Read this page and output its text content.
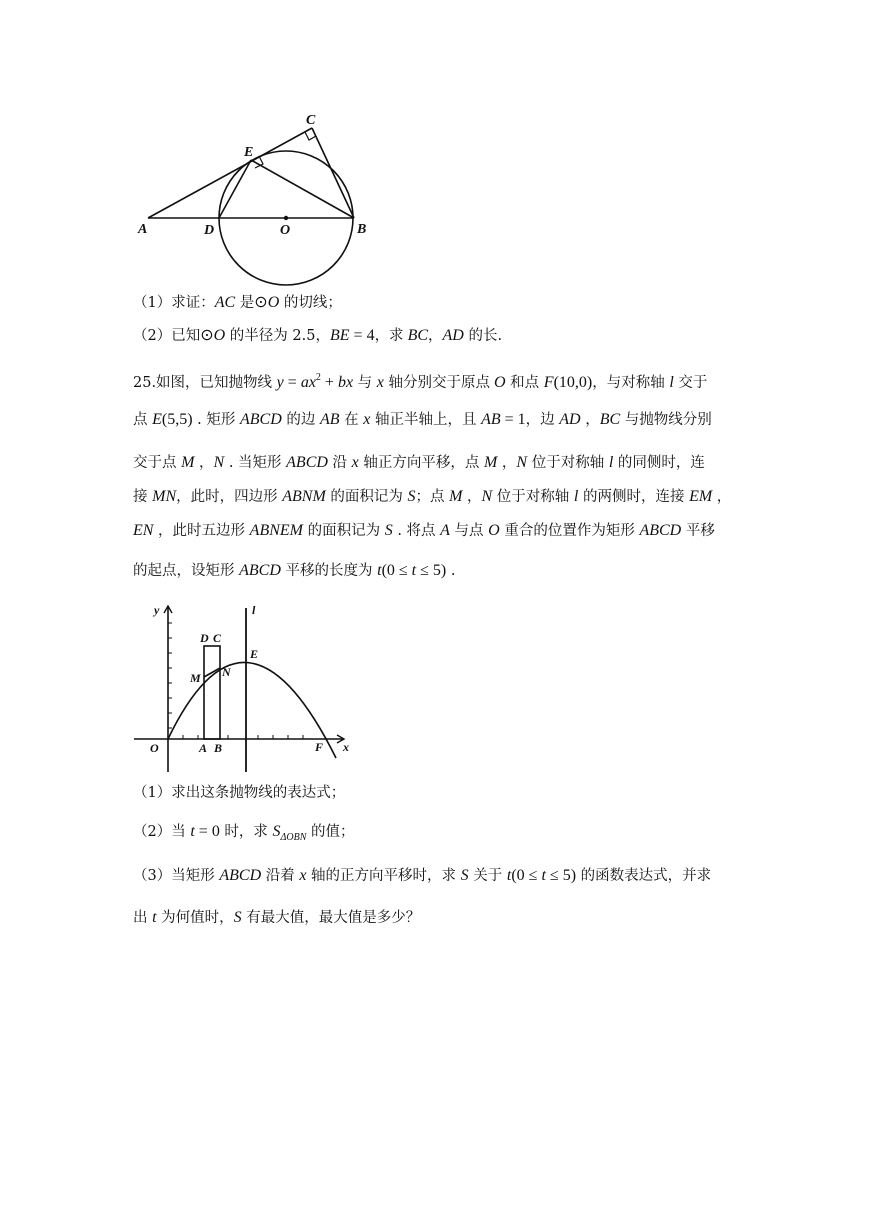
A	D	O	B
E
C
（1）求证：AC 是⊙O 的切线；
（2）已知⊙O 的半径为 2.5，BE = 4，求 BC，AD 的长.
25.如图，已知抛物线 $y = ax^2$ + bx 与 x 轴分别交于原点 O 和点 F(10,0)，与对称轴 l 交于
点 E(5,5) . 矩形 ABCD 的边 AB 在 x 轴正半轴上，且 AB = 1，边 AD ，BC 与抛物线分别
交于点 M ，N . 当矩形 ABCD 沿 x 轴正方向平移，点 M ，N 位于对称轴 l 的同侧时，连
接 MN，此时，四边形 ABNM 的面积记为 S；点 M ，N 位于对称轴 l 的两侧时，连接 EM ，
EN ，此时五边形 ABNEM 的面积记为 S . 将点 A 与点 O 重合的位置作为矩形 ABCD 平移
的起点，设矩形 ABCD 平移的长度为 t(0 ≤ t ≤ 5) .
y	l
D C
E
M N
O	A B	F x
（1）求出这条抛物线的表达式；
（2）当 t = 0 时，求 $S_{\Delta OBN}$ 的值；
（3）当矩形 ABCD 沿着 x 轴的正方向平移时，求 S 关于 t(0 ≤ t ≤ 5) 的函数表达式，并求
出 t 为何值时，S 有最大值，最大值是多少？
